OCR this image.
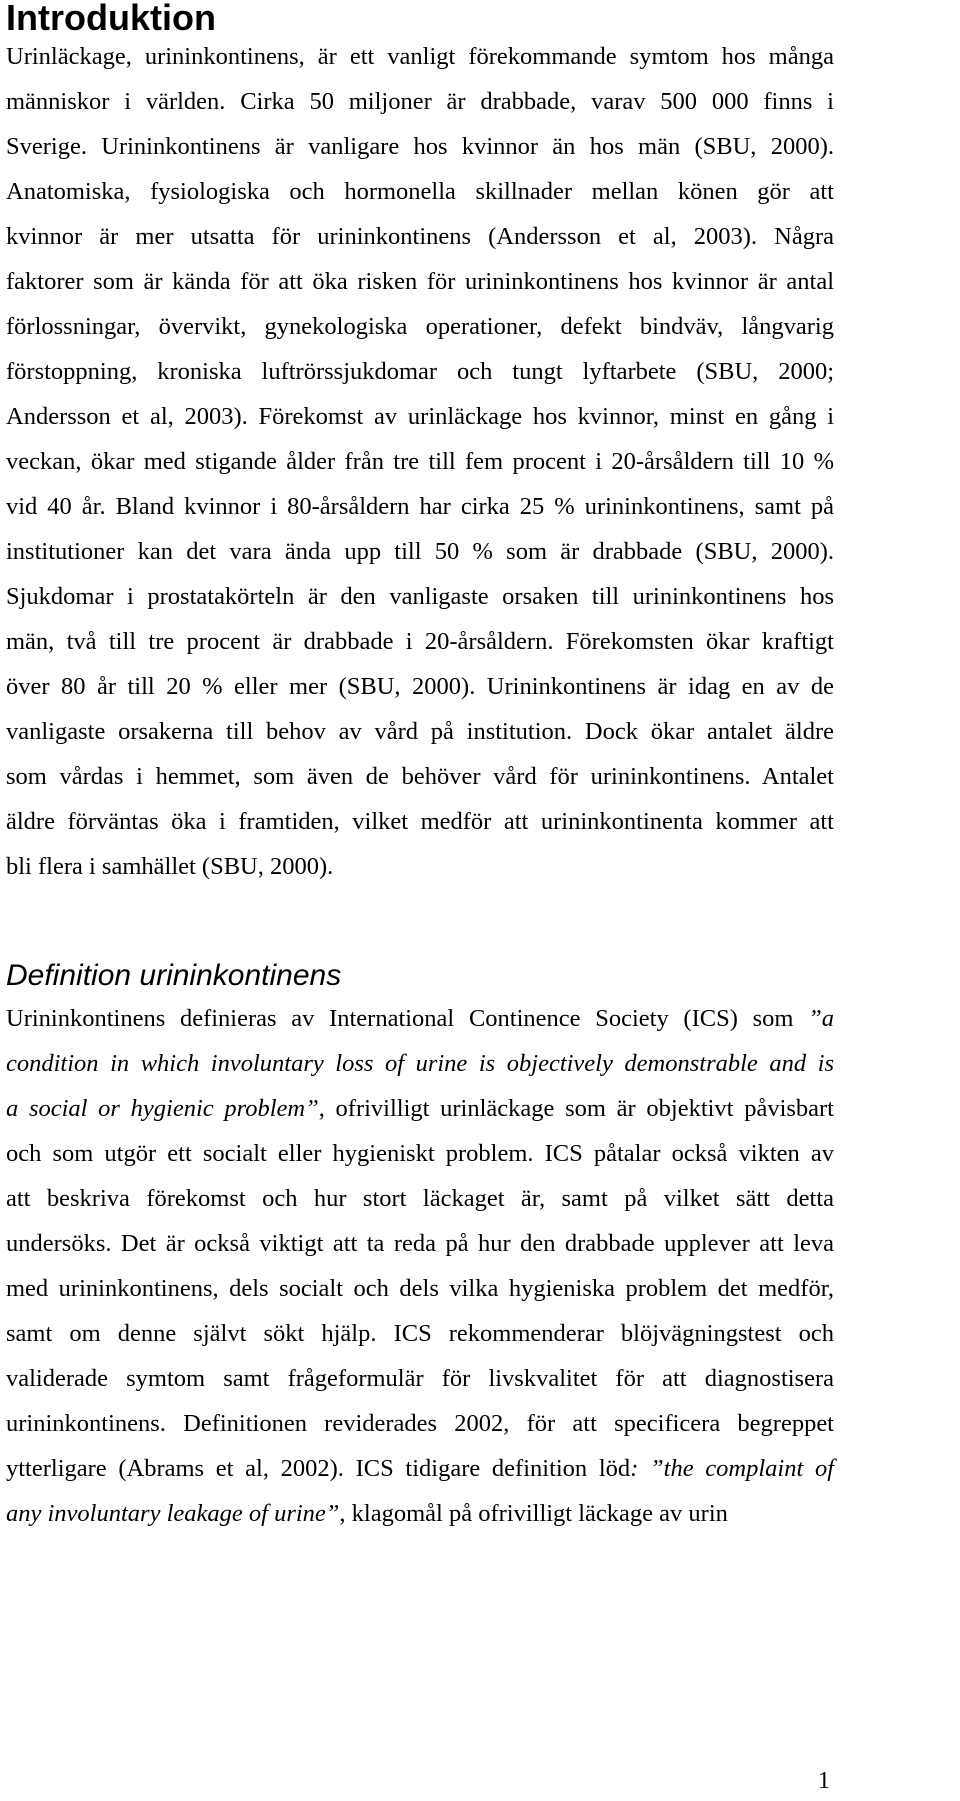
Introduktion
Urinläckage, urininkontinens, är ett vanligt förekommande symtom hos många
människor i världen. Cirka 50 miljoner är drabbade, varav 500 000 finns i
Sverige. Urininkontinens är vanligare hos kvinnor än hos män (SBU, 2000).
Anatomiska, fysiologiska och hormonella skillnader mellan könen gör att
kvinnor är mer utsatta för urininkontinens (Andersson et al, 2003). Några
faktorer som är kända för att öka risken för urininkontinens hos kvinnor är antal
förlossningar, övervikt, gynekologiska operationer, defekt bindväv, långvarig
förstoppning, kroniska luftrörssjukdomar och tungt lyftarbete (SBU, 2000;
Andersson et al, 2003). Förekomst av urinläckage hos kvinnor, minst en gång i
veckan, ökar med stigande ålder från tre till fem procent i 20-årsåldern till 10 %
vid 40 år. Bland kvinnor i 80-årsåldern har cirka 25 % urininkontinens, samt på
institutioner kan det vara ända upp till 50 % som är drabbade (SBU, 2000).
Sjukdomar i prostatakörteln är den vanligaste orsaken till urininkontinens hos
män, två till tre procent är drabbade i 20-årsåldern. Förekomsten ökar kraftigt
över 80 år till 20 % eller mer (SBU, 2000). Urininkontinens är idag en av de
vanligaste orsakerna till behov av vård på institution. Dock ökar antalet äldre
som vårdas i hemmet, som även de behöver vård för urininkontinens. Antalet
äldre förväntas öka i framtiden, vilket medför att urininkontinenta kommer att
bli flera i samhället (SBU, 2000).
Definition urininkontinens
Urininkontinens definieras av International Continence Society (ICS) som ”a
condition in which involuntary loss of urine is objectively demonstrable and is
a social or hygienic problem”, ofrivilligt urinläckage som är objektivt påvisbart
och som utgör ett socialt eller hygieniskt problem. ICS påtalar också vikten av
att beskriva förekomst och hur stort läckaget är, samt på vilket sätt detta
undersöks. Det är också viktigt att ta reda på hur den drabbade upplever att leva
med urininkontinens, dels socialt och dels vilka hygieniska problem det medför,
samt om denne självt sökt hjälp. ICS rekommenderar blöjvägningstest och
validerade symtom samt frågeformulär för livskvalitet för att diagnostisera
urininkontinens. Definitionen reviderades 2002, för att specificera begreppet
ytterligare (Abrams et al, 2002). ICS tidigare definition löd: ”the complaint of
any involuntary leakage of urine”, klagomål på ofrivilligt läckage av urin
1
